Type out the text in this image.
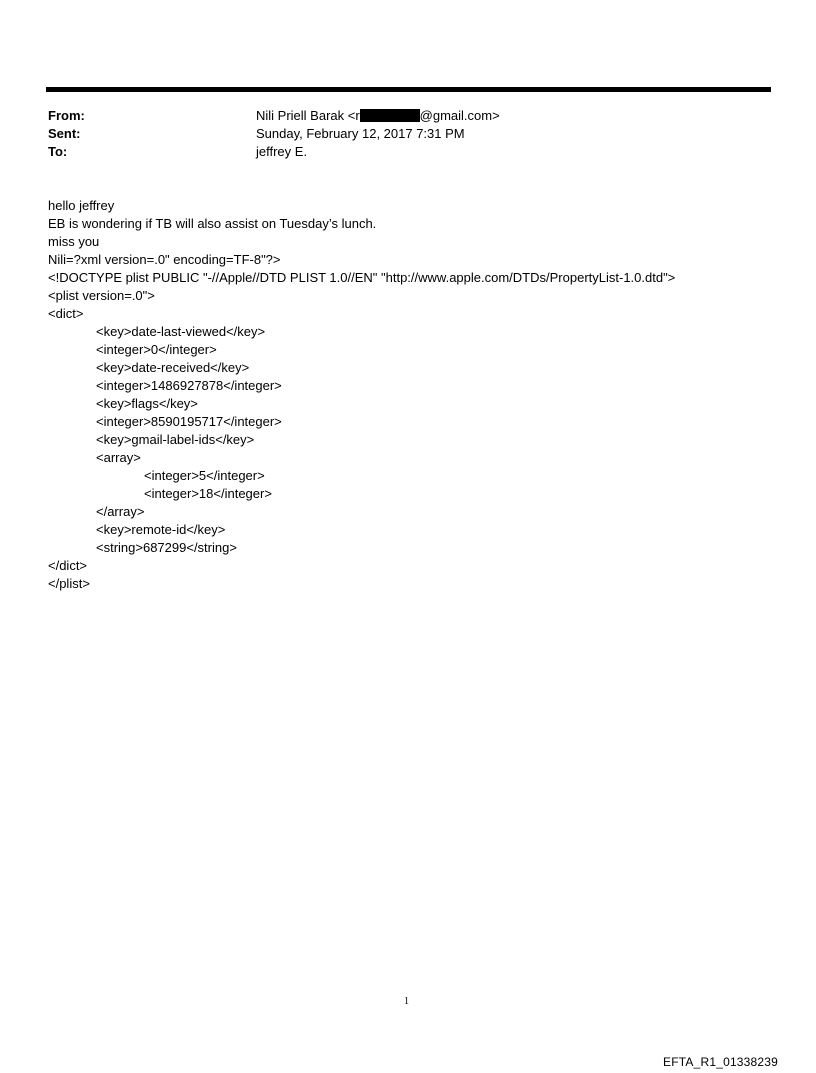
From:	Nili Priell Barak <r	@gmail.com>
Sent:	Sunday, February 12, 2017 7:31 PM
To:	jeffrey E.
hello jeffrey
EB is wondering if TB will also assist on Tuesday’s lunch.
miss you
Nili=?xml version=.0" encoding=TF-8"?>
<!DOCTYPE plist PUBLIC "-//Apple//DTD PLIST 1.0//EN" "http://www.apple.com/DTDs/PropertyList-1.0.dtd">
<plist version=.0">
<dict>
<key>date-last-viewed</key>
<integer>0</integer>
<key>date-received</key>
<integer>1486927878</integer>
<key>flags</key>
<integer>8590195717</integer>
<key>gmail-label-ids</key>
<array>
<integer>5</integer>
<integer>18</integer>
</array>
<key>remote-id</key>
<string>687299</string>
</dict>
</plist>
1
EFTA_R1_01338239
